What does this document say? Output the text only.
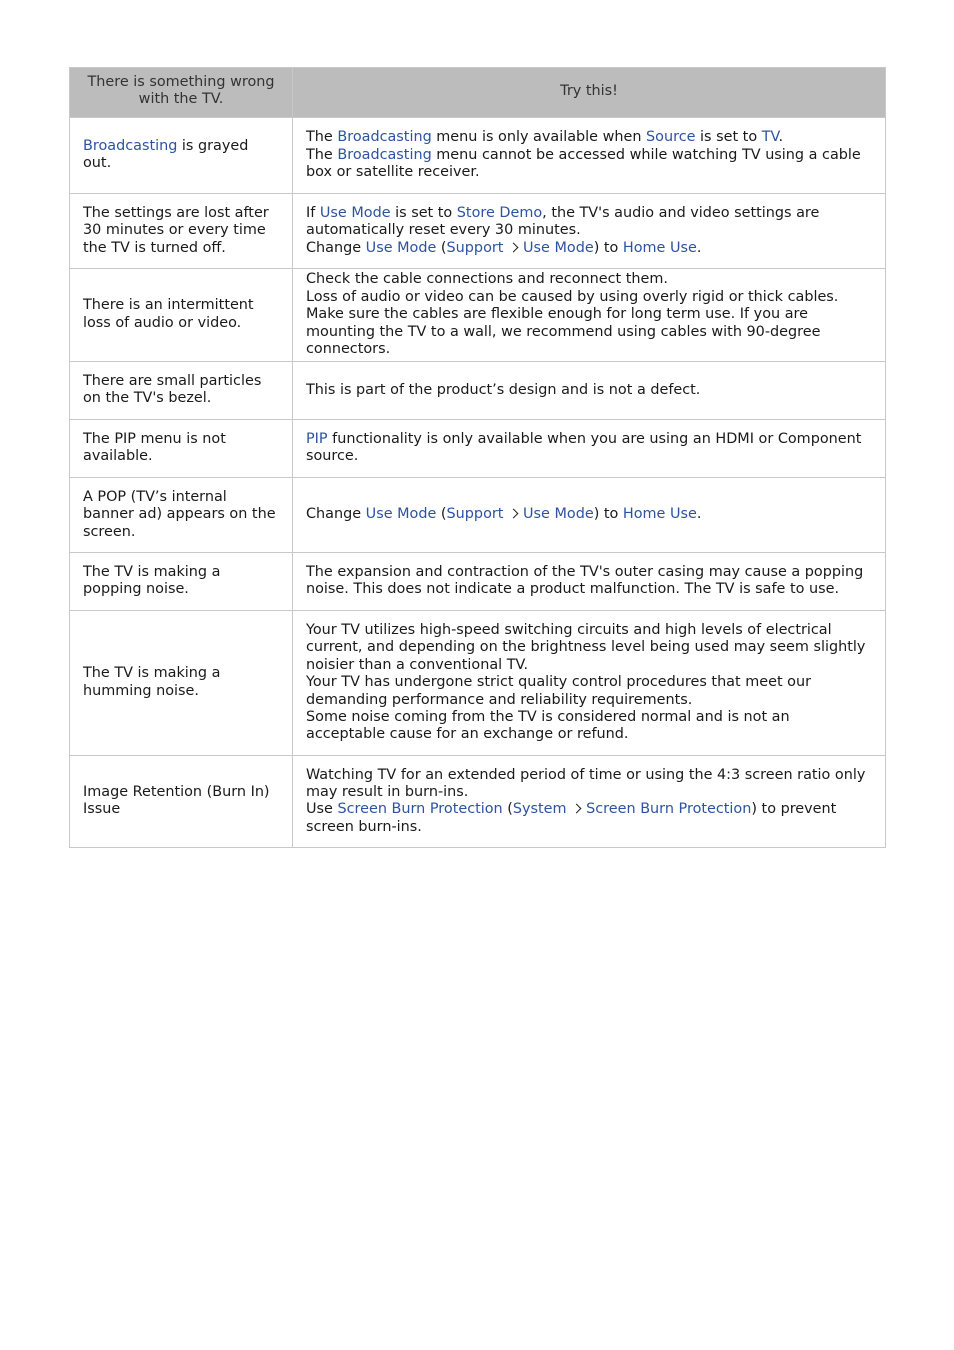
There is something wrong with the TV.	Try this!
Broadcasting is grayed out.	The Broadcasting menu is only available when Source is set to TV.
The Broadcasting menu cannot be accessed while watching TV using a cable box or satellite receiver.

The settings are lost after 30 minutes or every time the TV is turned off.	If Use Mode is set to Store Demo, the TV's audio and video settings are automatically reset every 30 minutes.
Change Use Mode (Support Use Mode) to Home Use.

There is an intermittent loss of audio or video.	Check the cable connections and reconnect them.
Loss of audio or video can be caused by using overly rigid or thick cables. Make sure the cables are flexible enough for long term use. If you are mounting the TV to a wall, we recommend using cables with 90-degree connectors.

There are small particles on the TV's bezel.	This is part of the product’s design and is not a defect.

The PIP menu is not available.	PIP functionality is only available when you are using an HDMI or Component source.

A POP (TV’s internal banner ad) appears on the screen.	Change Use Mode (Support Use Mode) to Home Use.

The TV is making a popping noise.	The expansion and contraction of the TV's outer casing may cause a popping noise. This does not indicate a product malfunction. The TV is safe to use.

The TV is making a humming noise.	Your TV utilizes high-speed switching circuits and high levels of electrical current, and depending on the brightness level being used may seem slightly noisier than a conventional TV.
Your TV has undergone strict quality control procedures that meet our demanding performance and reliability requirements.
Some noise coming from the TV is considered normal and is not an acceptable cause for an exchange or refund.

Image Retention (Burn In) Issue	Watching TV for an extended period of time or using the 4:3 screen ratio only may result in burn-ins.
Use Screen Burn Protection (System Screen Burn Protection) to prevent screen burn-ins.
